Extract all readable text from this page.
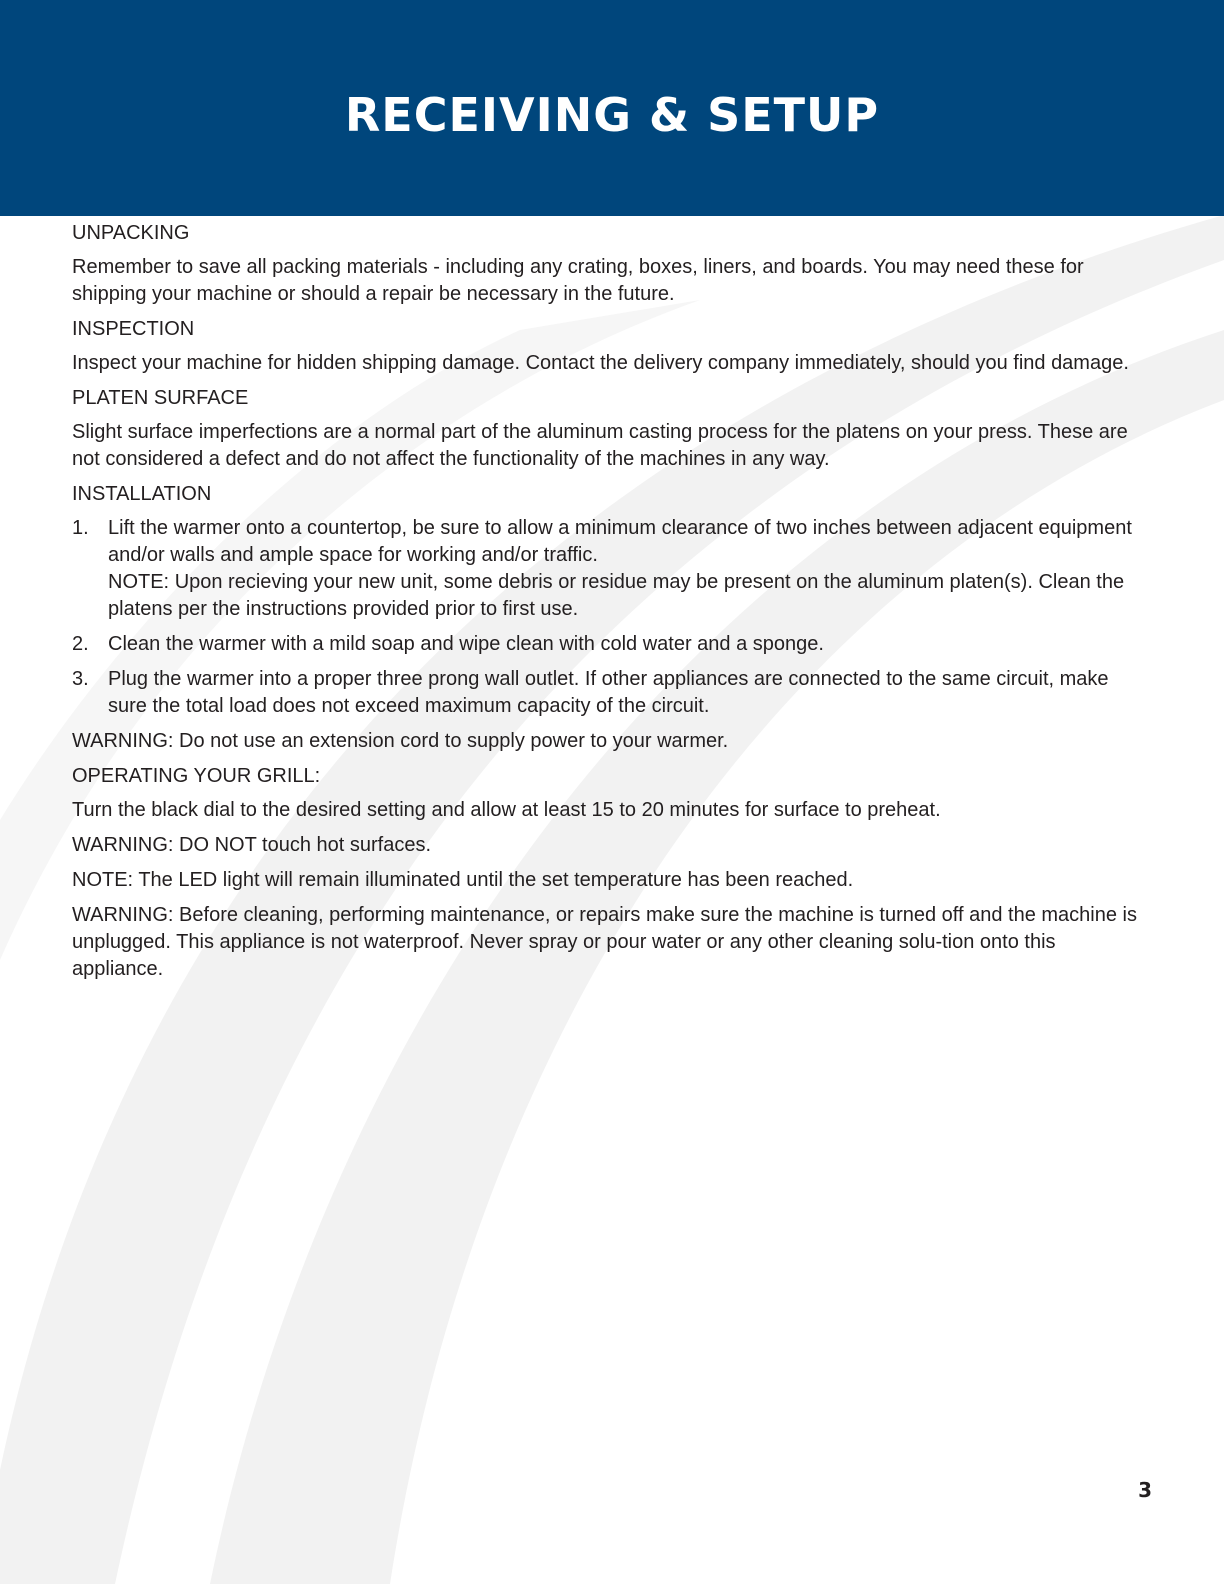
RECEIVING & SETUP
UNPACKING

Remember to save all packing materials - including any crating, boxes, liners, and boards. You may need these for shipping your machine or should a repair be necessary in the future.

INSPECTION

Inspect your machine for hidden shipping damage. Contact the delivery company immediately, should you find damage.

PLATEN SURFACE

Slight surface imperfections are a normal part of the aluminum casting process for the platens on your press. These are not considered a defect and do not affect the functionality of the machines in any way.

INSTALLATION
1. Lift the warmer onto a countertop, be sure to allow a minimum clearance of two inches between adjacent equipment and/or walls and ample space for working and/or traffic.
NOTE: Upon recieving your new unit, some debris or residue may be present on the aluminum platen(s). Clean the platens per the instructions provided prior to first use.
2. Clean the warmer with a mild soap and wipe clean with cold water and a sponge.
3. Plug the warmer into a proper three prong wall outlet. If other appliances are connected to the same circuit, make sure the total load does not exceed maximum capacity of the circuit.

WARNING: Do not use an extension cord to supply power to your warmer.

OPERATING YOUR GRILL:

Turn the black dial to the desired setting and allow at least 15 to 20 minutes for surface to preheat.

WARNING: DO NOT touch hot surfaces.

NOTE: The LED light will remain illuminated until the set temperature has been reached.

WARNING: Before cleaning, performing maintenance, or repairs make sure the machine is turned off and the machine is unplugged. This appliance is not waterproof. Never spray or pour water or any other cleaning solu-tion onto this appliance.

3
